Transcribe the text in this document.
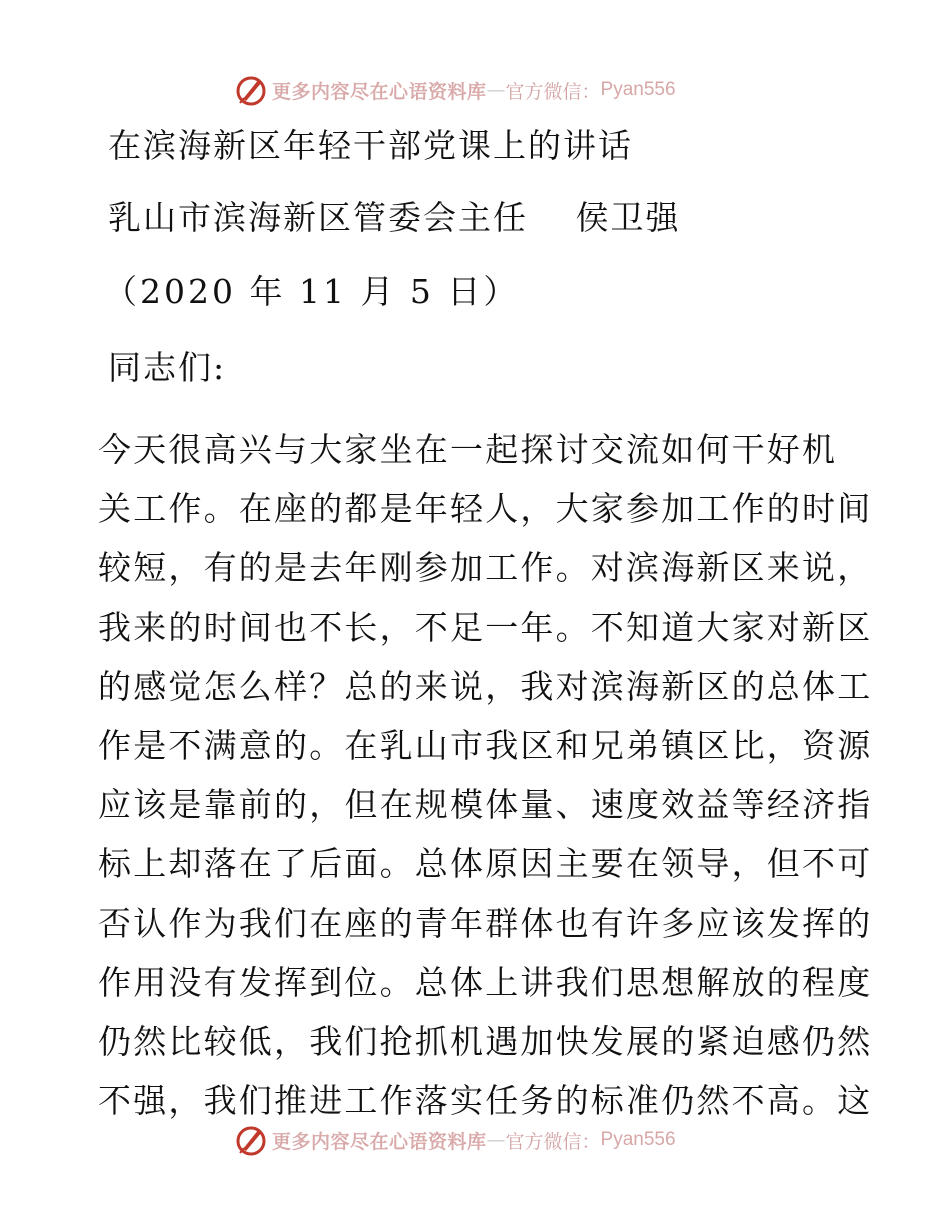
更多内容尽在心语资料库 — 官方微信： Pyan556
在滨海新区年轻干部党课上的讲话
乳山市滨海新区管委会主任　 侯卫强
（2020 年 11 月 5 日）
同志们:
今天很高兴与大家坐在一起探讨交流如何干好机
关工作。在座的都是年轻人，大家参加工作的时间
较短，有的是去年刚参加工作。对滨海新区来说，
我来的时间也不长，不足一年。不知道大家对新区
的感觉怎么样？总的来说，我对滨海新区的总体工
作是不满意的。在乳山市我区和兄弟镇区比，资源
应该是靠前的，但在规模体量、速度效益等经济指
标上却落在了后面。总体原因主要在领导，但不可
否认作为我们在座的青年群体也有许多应该发挥的
作用没有发挥到位。总体上讲我们思想解放的程度
仍然比较低，我们抢抓机遇加快发展的紧迫感仍然
不强，我们推进工作落实任务的标准仍然不高。这
更多内容尽在心语资料库 — 官方微信： Pyan556
